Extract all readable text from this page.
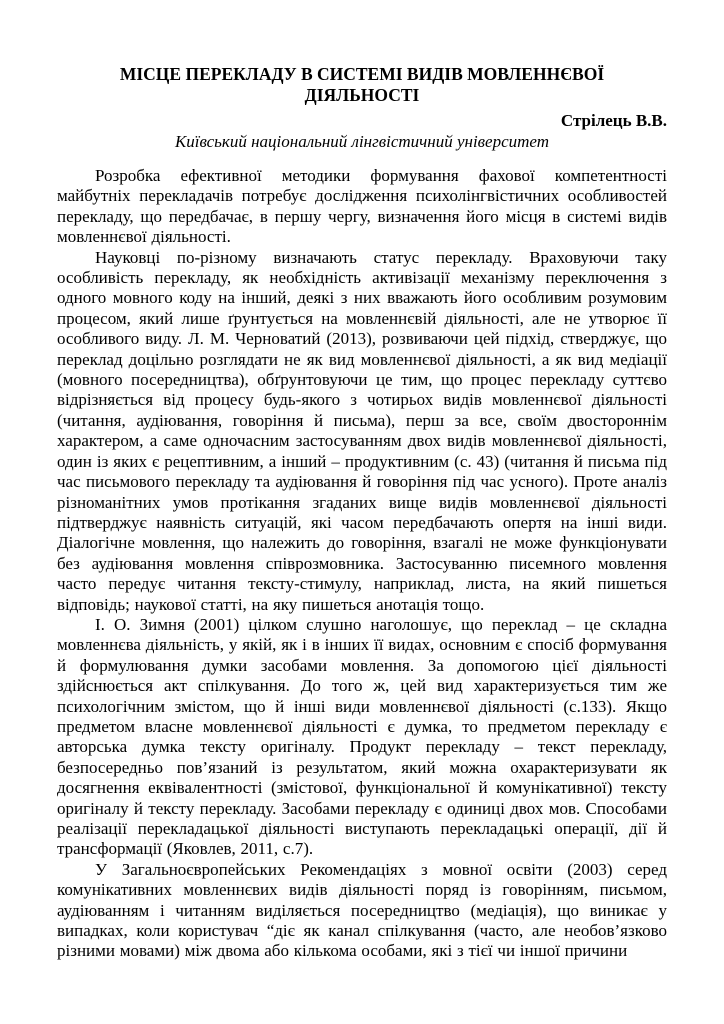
МІСЦЕ ПЕРЕКЛАДУ В СИСТЕМІ ВИДІВ МОВЛЕННЄВОЇ ДІЯЛЬНОСТІ
Стрілець В.В.
Київський національний лінгвістичний університет

Розробка ефективної методики формування фахової компетентності майбутніх перекладачів потребує дослідження психолінгвістичних особливостей перекладу, що передбачає, в першу чергу, визначення його місця в системі видів мовленнєвої діяльності.

Науковці по-різному визначають статус перекладу. Враховуючи таку особливість перекладу, як необхідність активізації механізму переключення з одного мовного коду на інший, деякі з них вважають його особливим розумовим процесом, який лише ґрунтується на мовленнєвій діяльності, але не утворює її особливого виду. Л. М. Черноватий (2013), розвиваючи цей підхід, стверджує, що переклад доцільно розглядати не як вид мовленнєвої діяльності, а як вид медіації (мовного посередництва), обґрунтовуючи це тим, що процес перекладу суттєво відрізняється від процесу будь-якого з чотирьох видів мовленнєвої діяльності (читання, аудіювання, говоріння й письма), перш за все, своїм двостороннім характером, а саме одночасним застосуванням двох видів мовленнєвої діяльності, один із яких є рецептивним, а інший – продуктивним (с. 43) (читання й письма під час письмового перекладу та аудіювання й говоріння під час усного). Проте аналіз різноманітних умов протікання згаданих вище видів мовленнєвої діяльності підтверджує наявність ситуацій, які часом передбачають опертя на інші види. Діалогічне мовлення, що належить до говоріння, взагалі не може функціонувати без аудіювання мовлення співрозмовника. Застосуванню писемного мовлення часто передує читання тексту-стимулу, наприклад, листа, на який пишеться відповідь; наукової статті, на яку пишеться анотація тощо.

І. О. Зимня (2001) цілком слушно наголошує, що переклад – це складна мовленнєва діяльність, у якій, як і в інших її видах, основним є спосіб формування й формулювання думки засобами мовлення. За допомогою цієї діяльності здійснюється акт спілкування. До того ж, цей вид характеризується тим же психологічним змістом, що й інші види мовленнєвої діяльності (с.133). Якщо предметом власне мовленнєвої діяльності є думка, то предметом перекладу є авторська думка тексту оригіналу. Продукт перекладу – текст перекладу, безпосередньо пов’язаний із результатом, який можна охарактеризувати як досягнення еквівалентності (змістової, функціональної й комунікативної) тексту оригіналу й тексту перекладу. Засобами перекладу є одиниці двох мов. Способами реалізації перекладацької діяльності виступають перекладацькі операції, дії й трансформації (Яковлев, 2011, с.7).

У Загальноєвропейських Рекомендаціях з мовної освіти (2003) серед комунікативних мовленнєвих видів діяльності поряд із говорінням, письмом, аудіюванням і читанням виділяється посередництво (медіація), що виникає у випадках, коли користувач “діє як канал спілкування (часто, але необов’язково різними мовами) між двома або кількома особами, які з тієї чи іншої причини
